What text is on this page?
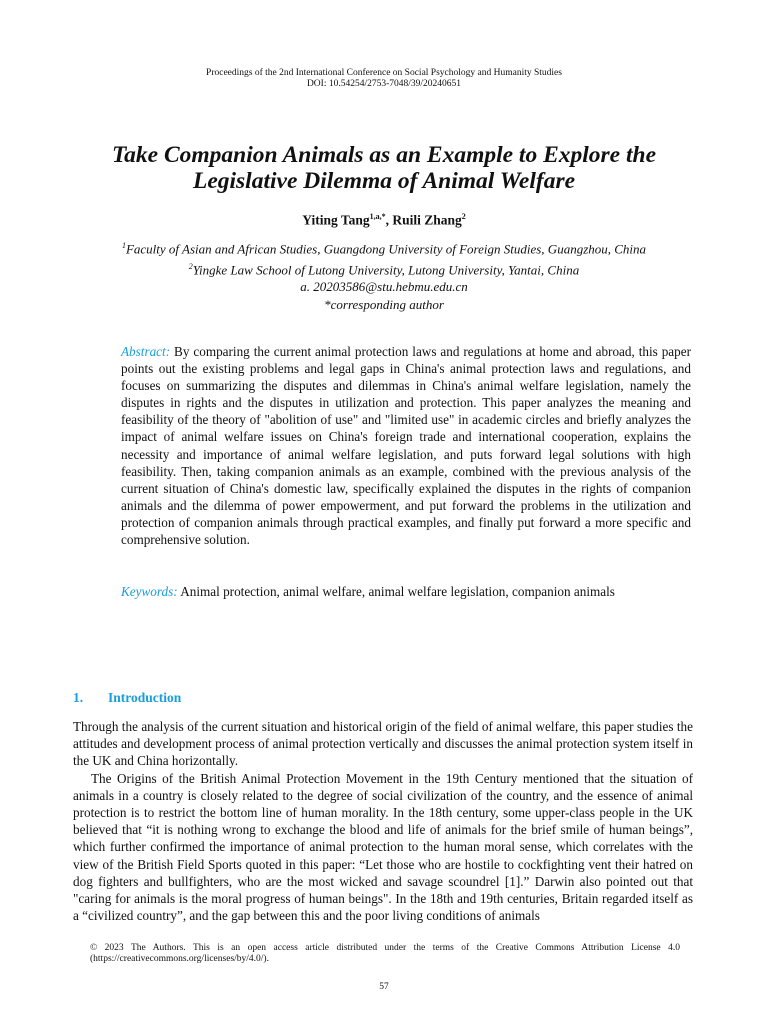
Proceedings of the 2nd International Conference on Social Psychology and Humanity Studies
DOI: 10.54254/2753-7048/39/20240651
Take Companion Animals as an Example to Explore the Legislative Dilemma of Animal Welfare
Yiting Tang$^{1,a,*}$, Ruili Zhang$^2$
$^1$Faculty of Asian and African Studies, Guangdong University of Foreign Studies, Guangzhou, China
$^2$Yingke Law School of Lutong University, Lutong University, Yantai, China
a. 20203586@stu.hebmu.edu.cn
*corresponding author

Abstract: By comparing the current animal protection laws and regulations at home and abroad, this paper points out the existing problems and legal gaps in China's animal protection laws and regulations, and focuses on summarizing the disputes and dilemmas in China's animal welfare legislation, namely the disputes in rights and the disputes in utilization and protection. This paper analyzes the meaning and feasibility of the theory of "abolition of use" and "limited use" in academic circles and briefly analyzes the impact of animal welfare issues on China's foreign trade and international cooperation, explains the necessity and importance of animal welfare legislation, and puts forward legal solutions with high feasibility. Then, taking companion animals as an example, combined with the previous analysis of the current situation of China's domestic law, specifically explained the disputes in the rights of companion animals and the dilemma of power empowerment, and put forward the problems in the utilization and protection of companion animals through practical examples, and finally put forward a more specific and comprehensive solution.

Keywords: Animal protection, animal welfare, animal welfare legislation, companion animals

1. Introduction

Through the analysis of the current situation and historical origin of the field of animal welfare, this paper studies the attitudes and development process of animal protection vertically and discusses the animal protection system itself in the UK and China horizontally.

The Origins of the British Animal Protection Movement in the 19th Century mentioned that the situation of animals in a country is closely related to the degree of social civilization of the country, and the essence of animal protection is to restrict the bottom line of human morality. In the 18th century, some upper-class people in the UK believed that “it is nothing wrong to exchange the blood and life of animals for the brief smile of human beings”, which further confirmed the importance of animal protection to the human moral sense, which correlates with the view of the British Field Sports quoted in this paper: “Let those who are hostile to cockfighting vent their hatred on dog fighters and bullfighters, who are the most wicked and savage scoundrel [1].” Darwin also pointed out that "caring for animals is the moral progress of human beings". In the 18th and 19th centuries, Britain regarded itself as a “civilized country”, and the gap between this and the poor living conditions of animals

© 2023 The Authors. This is an open access article distributed under the terms of the Creative Commons Attribution License 4.0 (https://creativecommons.org/licenses/by/4.0/).

57
